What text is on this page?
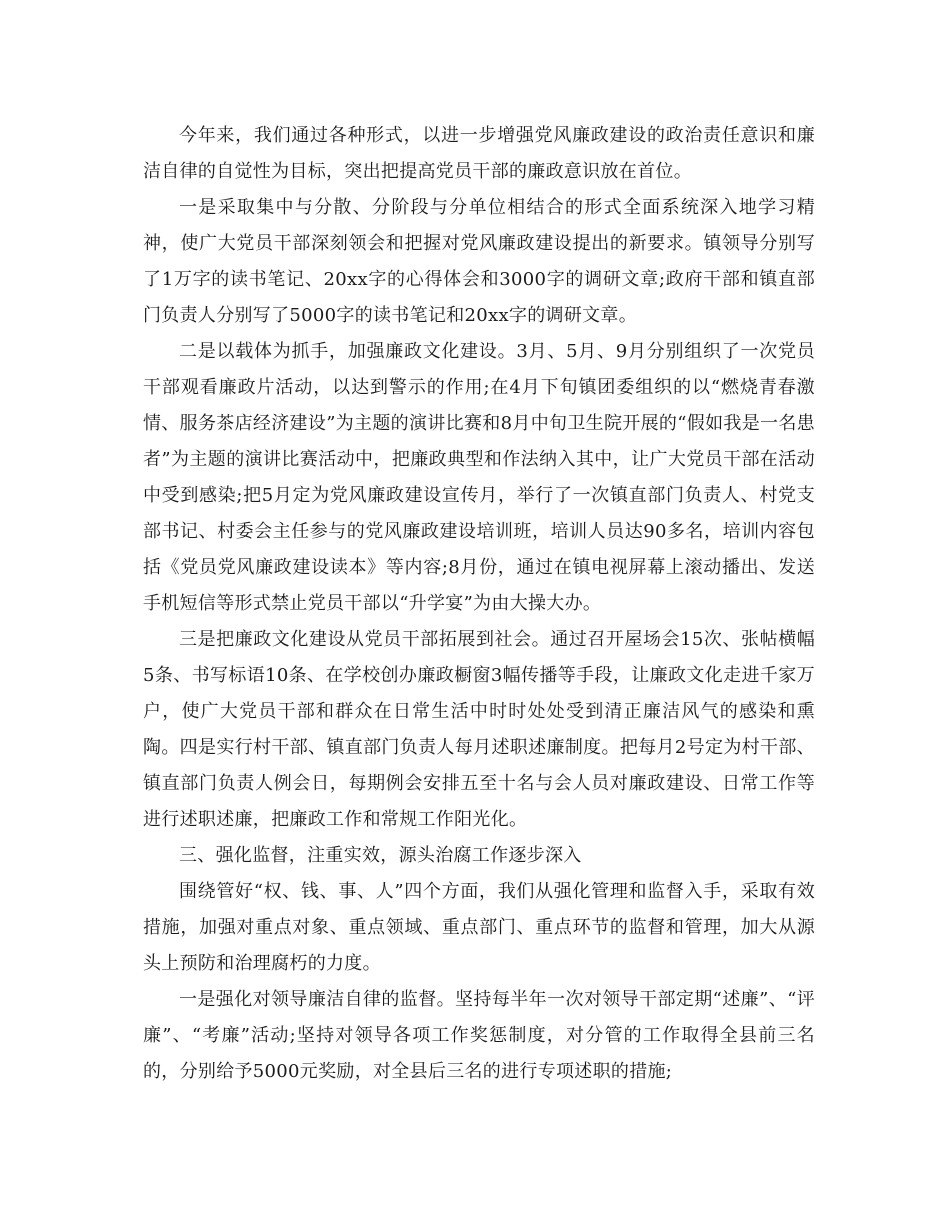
今年来，我们通过各种形式，以进一步增强党风廉政建设的政治责任意识和廉洁自律的自觉性为目标，突出把提高党员干部的廉政意识放在首位。

一是采取集中与分散、分阶段与分单位相结合的形式全面系统深入地学习精神，使广大党员干部深刻领会和把握对党风廉政建设提出的新要求。镇领导分别写了1万字的读书笔记、20xx字的心得体会和3000字的调研文章;政府干部和镇直部门负责人分别写了5000字的读书笔记和20xx字的调研文章。

二是以载体为抓手，加强廉政文化建设。3月、5月、9月分别组织了一次党员干部观看廉政片活动，以达到警示的作用;在4月下旬镇团委组织的以“燃烧青春激情、服务茶店经济建设”为主题的演讲比赛和8月中旬卫生院开展的“假如我是一名患者”为主题的演讲比赛活动中，把廉政典型和作法纳入其中，让广大党员干部在活动中受到感染;把5月定为党风廉政建设宣传月，举行了一次镇直部门负责人、村党支部书记、村委会主任参与的党风廉政建设培训班，培训人员达90多名，培训内容包括《党员党风廉政建设读本》等内容;8月份，通过在镇电视屏幕上滚动播出、发送手机短信等形式禁止党员干部以“升学宴”为由大操大办。

三是把廉政文化建设从党员干部拓展到社会。通过召开屋场会15次、张帖横幅5条、书写标语10条、在学校创办廉政橱窗3幅传播等手段，让廉政文化走进千家万户，使广大党员干部和群众在日常生活中时时处处受到清正廉洁风气的感染和熏陶。四是实行村干部、镇直部门负责人每月述职述廉制度。把每月2号定为村干部、镇直部门负责人例会日，每期例会安排五至十名与会人员对廉政建设、日常工作等进行述职述廉，把廉政工作和常规工作阳光化。

三、强化监督，注重实效，源头治腐工作逐步深入

围绕管好“权、钱、事、人”四个方面，我们从强化管理和监督入手，采取有效措施，加强对重点对象、重点领域、重点部门、重点环节的监督和管理，加大从源头上预防和治理腐朽的力度。

一是强化对领导廉洁自律的监督。坚持每半年一次对领导干部定期“述廉”、“评廉”、“考廉”活动;坚持对领导各项工作奖惩制度，对分管的工作取得全县前三名的，分别给予5000元奖励，对全县后三名的进行专项述职的措施;
